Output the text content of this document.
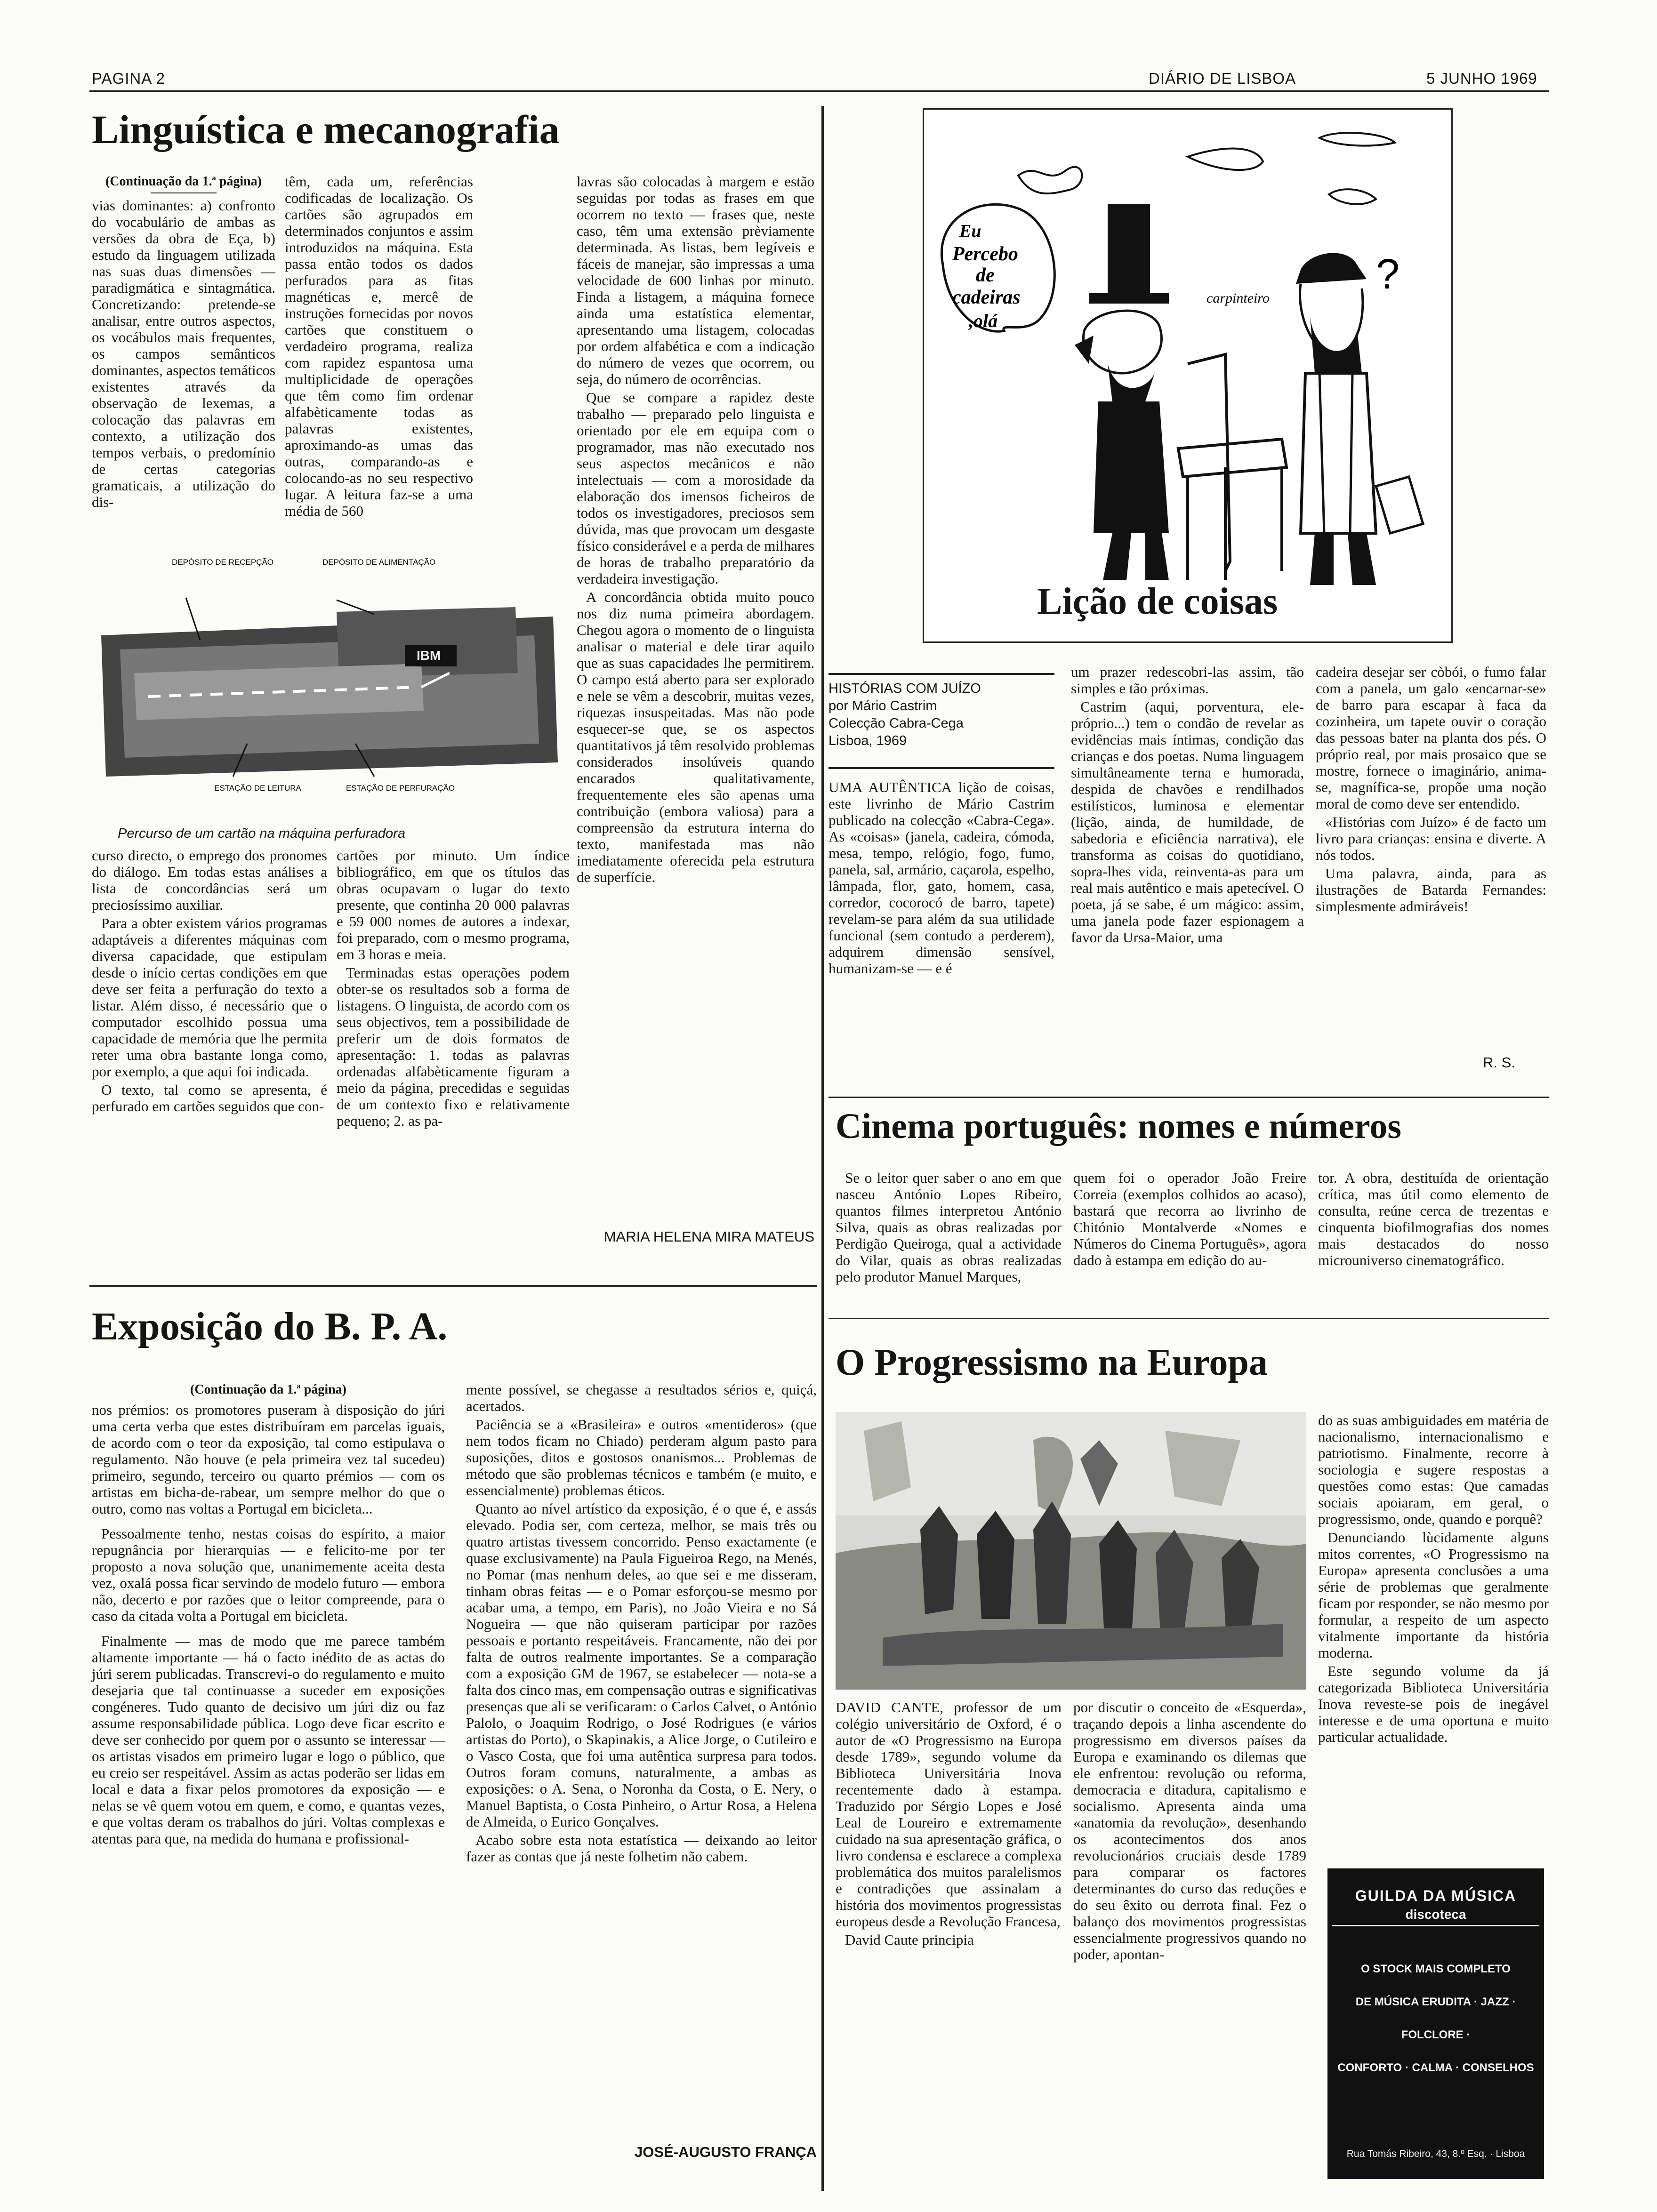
PAGINA 2	DIÁRIO DE LISBOA	5 JUNHO 1969
Linguística e mecanografia
(Continuação da 1.ª página)

vias dominantes: a) confronto do vocabulário de ambas as versões da obra de Eça, b) estudo da linguagem utilizada nas suas duas dimensões — paradigmática e sintagmática. Concretizando: pretende-se analisar, entre outros aspectos, os vocábulos mais frequentes, os campos semânticos dominantes, aspectos temáticos existentes através da observação de lexemas, a colocação das palavras em contexto, a utilização dos tempos verbais, o predomínio de certas categorias gramaticais, a utilização do dis-

têm, cada um, referências codificadas de localização. Os cartões são agrupados em determinados conjuntos e assim introduzidos na máquina. Esta passa então todos os dados perfurados para as fitas magnéticas e, mercê de instruções fornecidas por novos cartões que constituem o verdadeiro programa, realiza com rapidez espantosa uma multiplicidade de operações que têm como fim ordenar alfabèticamente todas as palavras existentes, aproximando-as umas das outras, comparando-as e colocando-as no seu respectivo lugar. A leitura faz-se a uma média de 560

lavras são colocadas à margem e estão seguidas por todas as frases em que ocorrem no texto — frases que, neste caso, têm uma extensão prèviamente determinada. As listas, bem legíveis e fáceis de manejar, são impressas a uma velocidade de 600 linhas por minuto. Finda a listagem, a máquina fornece ainda uma estatística elementar, apresentando uma listagem, colocadas por ordem alfabética e com a indicação do número de vezes que ocorrem, ou seja, do número de ocorrências.

Que se compare a rapidez deste trabalho — preparado pelo linguista e orientado por ele em equipa com o programador, mas não executado nos seus aspectos mecânicos e não intelectuais — com a morosidade da elaboração dos imensos ficheiros de todos os investigadores, preciosos sem dúvida, mas que provocam um desgaste físico considerável e a perda de milhares de horas de trabalho preparatório da verdadeira investigação.

A concordância obtida muito pouco nos diz numa primeira abordagem. Chegou agora o momento de o linguista analisar o material e dele tirar aquilo que as suas capacidades lhe permitirem. O campo está aberto para ser explorado e nele se vêm a descobrir, muitas vezes, riquezas insuspeitadas. Mas não pode esquecer-se que, se os aspectos quantitativos já têm resolvido problemas considerados insolúveis quando encarados qualitativamente, frequentemente eles são apenas uma contribuição (embora valiosa) para a compreensão da estrutura interna do texto, manifestada mas não imediatamente oferecida pela estrutura de superfície.

DEPÓSITO DE RECEPÇÃO	DEPÓSITO DE ALIMENTAÇÃO
IBM
ESTAÇÃO DE LEITURA	ESTAÇÃO DE PERFURAÇÃO
Percurso de um cartão na máquina perfuradora

curso directo, o emprego dos pronomes do diálogo. Em todas estas análises a lista de concordâncias será um preciosíssimo auxiliar.

Para a obter existem vários programas adaptáveis a diferentes máquinas com diversa capacidade, que estipulam desde o início certas condições em que deve ser feita a perfuração do texto a listar. Além disso, é necessário que o computador escolhido possua uma capacidade de memória que lhe permita reter uma obra bastante longa como, por exemplo, a que aqui foi indicada.

O texto, tal como se apresenta, é perfurado em cartões seguidos que con-

cartões por minuto. Um índice bibliográfico, em que os títulos das obras ocupavam o lugar do texto presente, que continha 20 000 palavras e 59 000 nomes de autores a indexar, foi preparado, com o mesmo programa, em 3 horas e meia.

Terminadas estas operações podem obter-se os resultados sob a forma de listagens. O linguista, de acordo com os seus objectivos, tem a possibilidade de preferir um de dois formatos de apresentação: 1. todas as palavras ordenadas alfabèticamente figuram a meio da página, precedidas e seguidas de um contexto fixo e relativamente pequeno; 2. as pa-

MARIA HELENA MIRA MATEUS
Eu
Percebo
de
cadeiras
,olá
carpinteiro
?
Lição de coisas
HISTÓRIAS COM JUÍZO
por Mário Castrim
Colecção Cabra-Cega
Lisboa, 1969

UMA AUTÊNTICA lição de coisas, este livrinho de Mário Castrim publicado na colecção «Cabra-Cega». As «coisas» (janela, cadeira, cómoda, mesa, tempo, relógio, fogo, fumo, panela, sal, armário, caçarola, espelho, lâmpada, flor, gato, homem, casa, corredor, cocorocó de barro, tapete) revelam-se para além da sua utilidade funcional (sem contudo a perderem), adquirem dimensão sensível, humanizam-se — e é

um prazer redescobri-las assim, tão simples e tão próximas.

Castrim (aqui, porventura, ele-próprio...) tem o condão de revelar as evidências mais íntimas, condição das crianças e dos poetas. Numa linguagem simultâneamente terna e humorada, despida de chavões e rendilhados estilísticos, luminosa e elementar (lição, ainda, de humildade, de sabedoria e eficiência narrativa), ele transforma as coisas do quotidiano, sopra-lhes vida, reinventa-as para um real mais autêntico e mais apetecível. O poeta, já se sabe, é um mágico: assim, uma janela pode fazer espionagem a favor da Ursa-Maior, uma

cadeira desejar ser còbói, o fumo falar com a panela, um galo «encarnar-se» de barro para escapar à faca da cozinheira, um tapete ouvir o coração das pessoas bater na planta dos pés. O próprio real, por mais prosaico que se mostre, fornece o imaginário, anima-se, magnífica-se, propõe uma noção moral de como deve ser entendido.

«Histórias com Juízo» é de facto um livro para crianças: ensina e diverte. A nós todos.

Uma palavra, ainda, para as ilustrações de Batarda Fernandes: simplesmente admiráveis!

R. S.
Cinema português: nomes e números

Se o leitor quer saber o ano em que nasceu António Lopes Ribeiro, quantos filmes interpretou António Silva, quais as obras realizadas por Perdigão Queiroga, qual a actividade do Vilar, quais as obras realizadas pelo produtor Manuel Marques,

quem foi o operador João Freire Correia (exemplos colhidos ao acaso), bastará que recorra ao livrinho de Chitónio Montalverde «Nomes e Números do Cinema Português», agora dado à estampa em edição do au-

tor. A obra, destituída de orientação crítica, mas útil como elemento de consulta, reúne cerca de trezentas e cinquenta biofilmografias dos nomes mais destacados do nosso microuniverso cinematográfico.

Exposição do B. P. A.
(Continuação da 1.ª página)

nos prémios: os promotores puseram à disposição do júri uma certa verba que estes distribuíram em parcelas iguais, de acordo com o teor da exposição, tal como estipulava o regulamento. Não houve (e pela primeira vez tal sucedeu) primeiro, segundo, terceiro ou quarto prémios — com os artistas em bicha-de-rabear, um sempre melhor do que o outro, como nas voltas a Portugal em bicicleta...

Pessoalmente tenho, nestas coisas do espírito, a maior repugnância por hierarquias — e felicito-me por ter proposto a nova solução que, unanimemente aceita desta vez, oxalá possa ficar servindo de modelo futuro — embora não, decerto e por razões que o leitor compreende, para o caso da citada volta a Portugal em bicicleta.

Finalmente — mas de modo que me parece também altamente importante — há o facto inédito de as actas do júri serem publicadas. Transcrevi-o do regulamento e muito desejaria que tal continuasse a suceder em exposições congéneres. Tudo quanto de decisivo um júri diz ou faz assume responsabilidade pública. Logo deve ficar escrito e deve ser conhecido por quem por o assunto se interessar — os artistas visados em primeiro lugar e logo o público, que eu creio ser respeitável. Assim as actas poderão ser lidas em local e data a fixar pelos promotores da exposição — e nelas se vê quem votou em quem, e como, e quantas vezes, e que voltas deram os trabalhos do júri. Voltas complexas e atentas para que, na medida do humana e profissional-

mente possível, se chegasse a resultados sérios e, quiçá, acertados.

Paciência se a «Brasileira» e outros «mentideros» (que nem todos ficam no Chiado) perderam algum pasto para suposições, ditos e gostosos onanismos... Problemas de método que são problemas técnicos e também (e muito, e essencialmente) problemas éticos.

Quanto ao nível artístico da exposição, é o que é, e assás elevado. Podia ser, com certeza, melhor, se mais três ou quatro artistas tivessem concorrido. Penso exactamente (e quase exclusivamente) na Paula Figueiroa Rego, na Menés, no Pomar (mas nenhum deles, ao que sei e me disseram, tinham obras feitas — e o Pomar esforçou-se mesmo por acabar uma, a tempo, em Paris), no João Vieira e no Sá Nogueira — que não quiseram participar por razões pessoais e portanto respeitáveis. Francamente, não dei por falta de outros realmente importantes. Se a comparação com a exposição GM de 1967, se estabelecer — nota-se a falta dos cinco mas, em compensação outras e significativas presenças que ali se verificaram: o Carlos Calvet, o António Palolo, o Joaquim Rodrigo, o José Rodrigues (e vários artistas do Porto), o Skapinakis, a Alice Jorge, o Cutileiro e o Vasco Costa, que foi uma autêntica surpresa para todos. Outros foram comuns, naturalmente, a ambas as exposições: o A. Sena, o Noronha da Costa, o E. Nery, o Manuel Baptista, o Costa Pinheiro, o Artur Rosa, a Helena de Almeida, o Eurico Gonçalves.

Acabo sobre esta nota estatística — deixando ao leitor fazer as contas que já neste folhetim não cabem.

JOSÉ-AUGUSTO FRANÇA
O Progressismo na Europa

DAVID CANTE, professor de um colégio universitário de Oxford, é o autor de «O Progressismo na Europa desde 1789», segundo volume da Biblioteca Universitária Inova recentemente dado à estampa. Traduzido por Sérgio Lopes e José Leal de Loureiro e extremamente cuidado na sua apresentação gráfica, o livro condensa e esclarece a complexa problemática dos muitos paralelismos e contradições que assinalam a história dos movimentos progressistas europeus desde a Revolução Francesa,

David Caute principia

por discutir o conceito de «Esquerda», traçando depois a linha ascendente do progressismo em diversos países da Europa e examinando os dilemas que ele enfrentou: revolução ou reforma, democracia e ditadura, capitalismo e socialismo. Apresenta ainda uma «anatomia da revolução», desenhando os acontecimentos dos anos revolucionários cruciais desde 1789 para comparar os factores determinantes do curso das reduções e do seu êxito ou derrota final. Fez o balanço dos movimentos progressistas essencialmente progressivos quando no poder, apontan-

do as suas ambiguidades em matéria de nacionalismo, internacionalismo e patriotismo. Finalmente, recorre à sociologia e sugere respostas a questões como estas: Que camadas sociais apoiaram, em geral, o progressismo, onde, quando e porquê?

Denunciando lùcidamente alguns mitos correntes, «O Progressismo na Europa» apresenta conclusões a uma série de problemas que geralmente ficam por responder, se não mesmo por formular, a respeito de um aspecto vitalmente importante da história moderna.

Este segundo volume da já categorizada Biblioteca Universitária Inova reveste-se pois de inegável interesse e de uma oportuna e muito particular actualidade.

GUILDA DA MÚSICA
discoteca
O STOCK MAIS COMPLETO
DE MÚSICA ERUDITA · JAZZ ·
FOLCLORE ·
CONFORTO · CALMA · CONSELHOS
Rua Tomás Ribeiro, 43, 8.º Esq. · Lisboa
